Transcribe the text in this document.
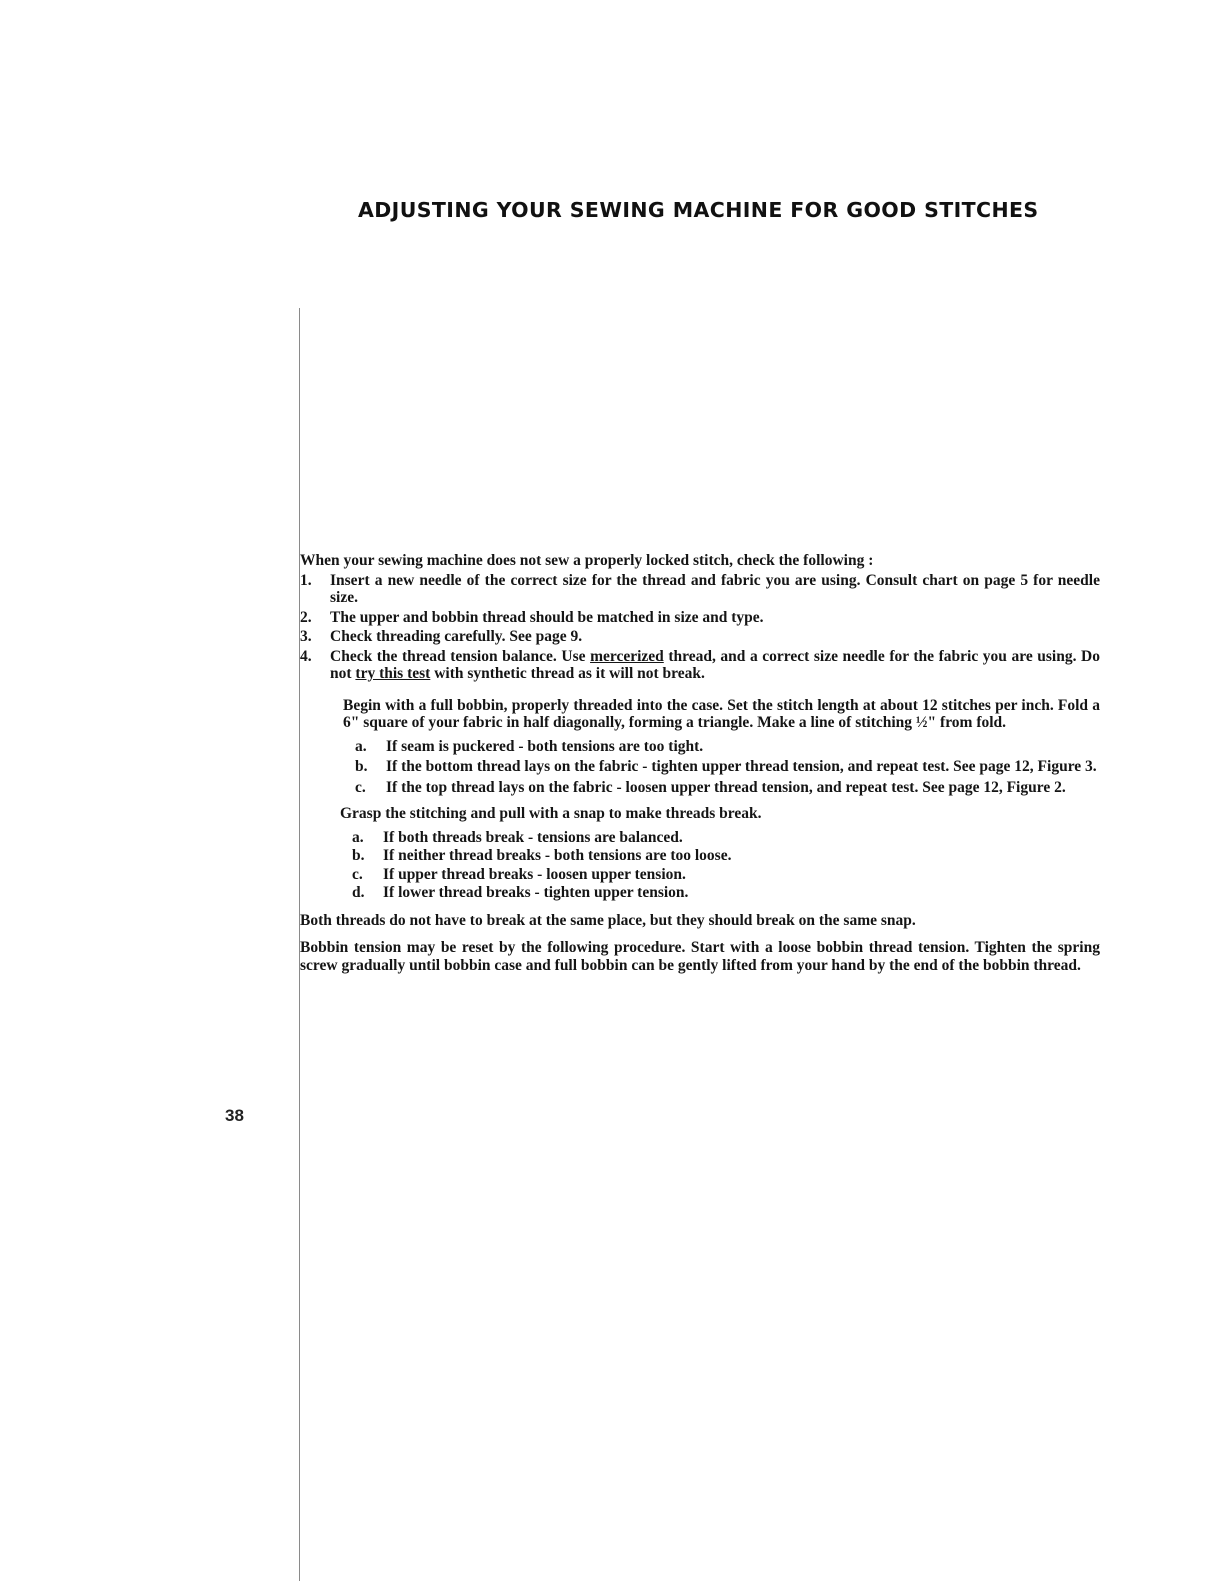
ADJUSTING YOUR SEWING MACHINE FOR GOOD STITCHES

When your sewing machine does not sew a properly locked stitch, check the following :

1. Insert a new needle of the correct size for the thread and fabric you are using. Consult chart on page 5 for needle size.
2. The upper and bobbin thread should be matched in size and type.
3. Check threading carefully. See page 9.
4. Check the thread tension balance. Use mercerized thread, and a correct size needle for the fabric you are using. Do not try this test with synthetic thread as it will not break.

Begin with a full bobbin, properly threaded into the case. Set the stitch length at about 12 stitches per inch. Fold a 6" square of your fabric in half diagonally, forming a triangle. Make a line of stitching ½" from fold.

a. If seam is puckered - both tensions are too tight.
b. If the bottom thread lays on the fabric - tighten upper thread tension, and repeat test. See page 12, Figure 3.
c. If the top thread lays on the fabric - loosen upper thread tension, and repeat test. See page 12, Figure 2.

Grasp the stitching and pull with a snap to make threads break.

a. If both threads break - tensions are balanced.
b. If neither thread breaks - both tensions are too loose.
c. If upper thread breaks - loosen upper tension.
d. If lower thread breaks - tighten upper tension.

Both threads do not have to break at the same place, but they should break on the same snap.

Bobbin tension may be reset by the following procedure. Start with a loose bobbin thread tension. Tighten the spring screw gradually until bobbin case and full bobbin can be gently lifted from your hand by the end of the bobbin thread.

38
